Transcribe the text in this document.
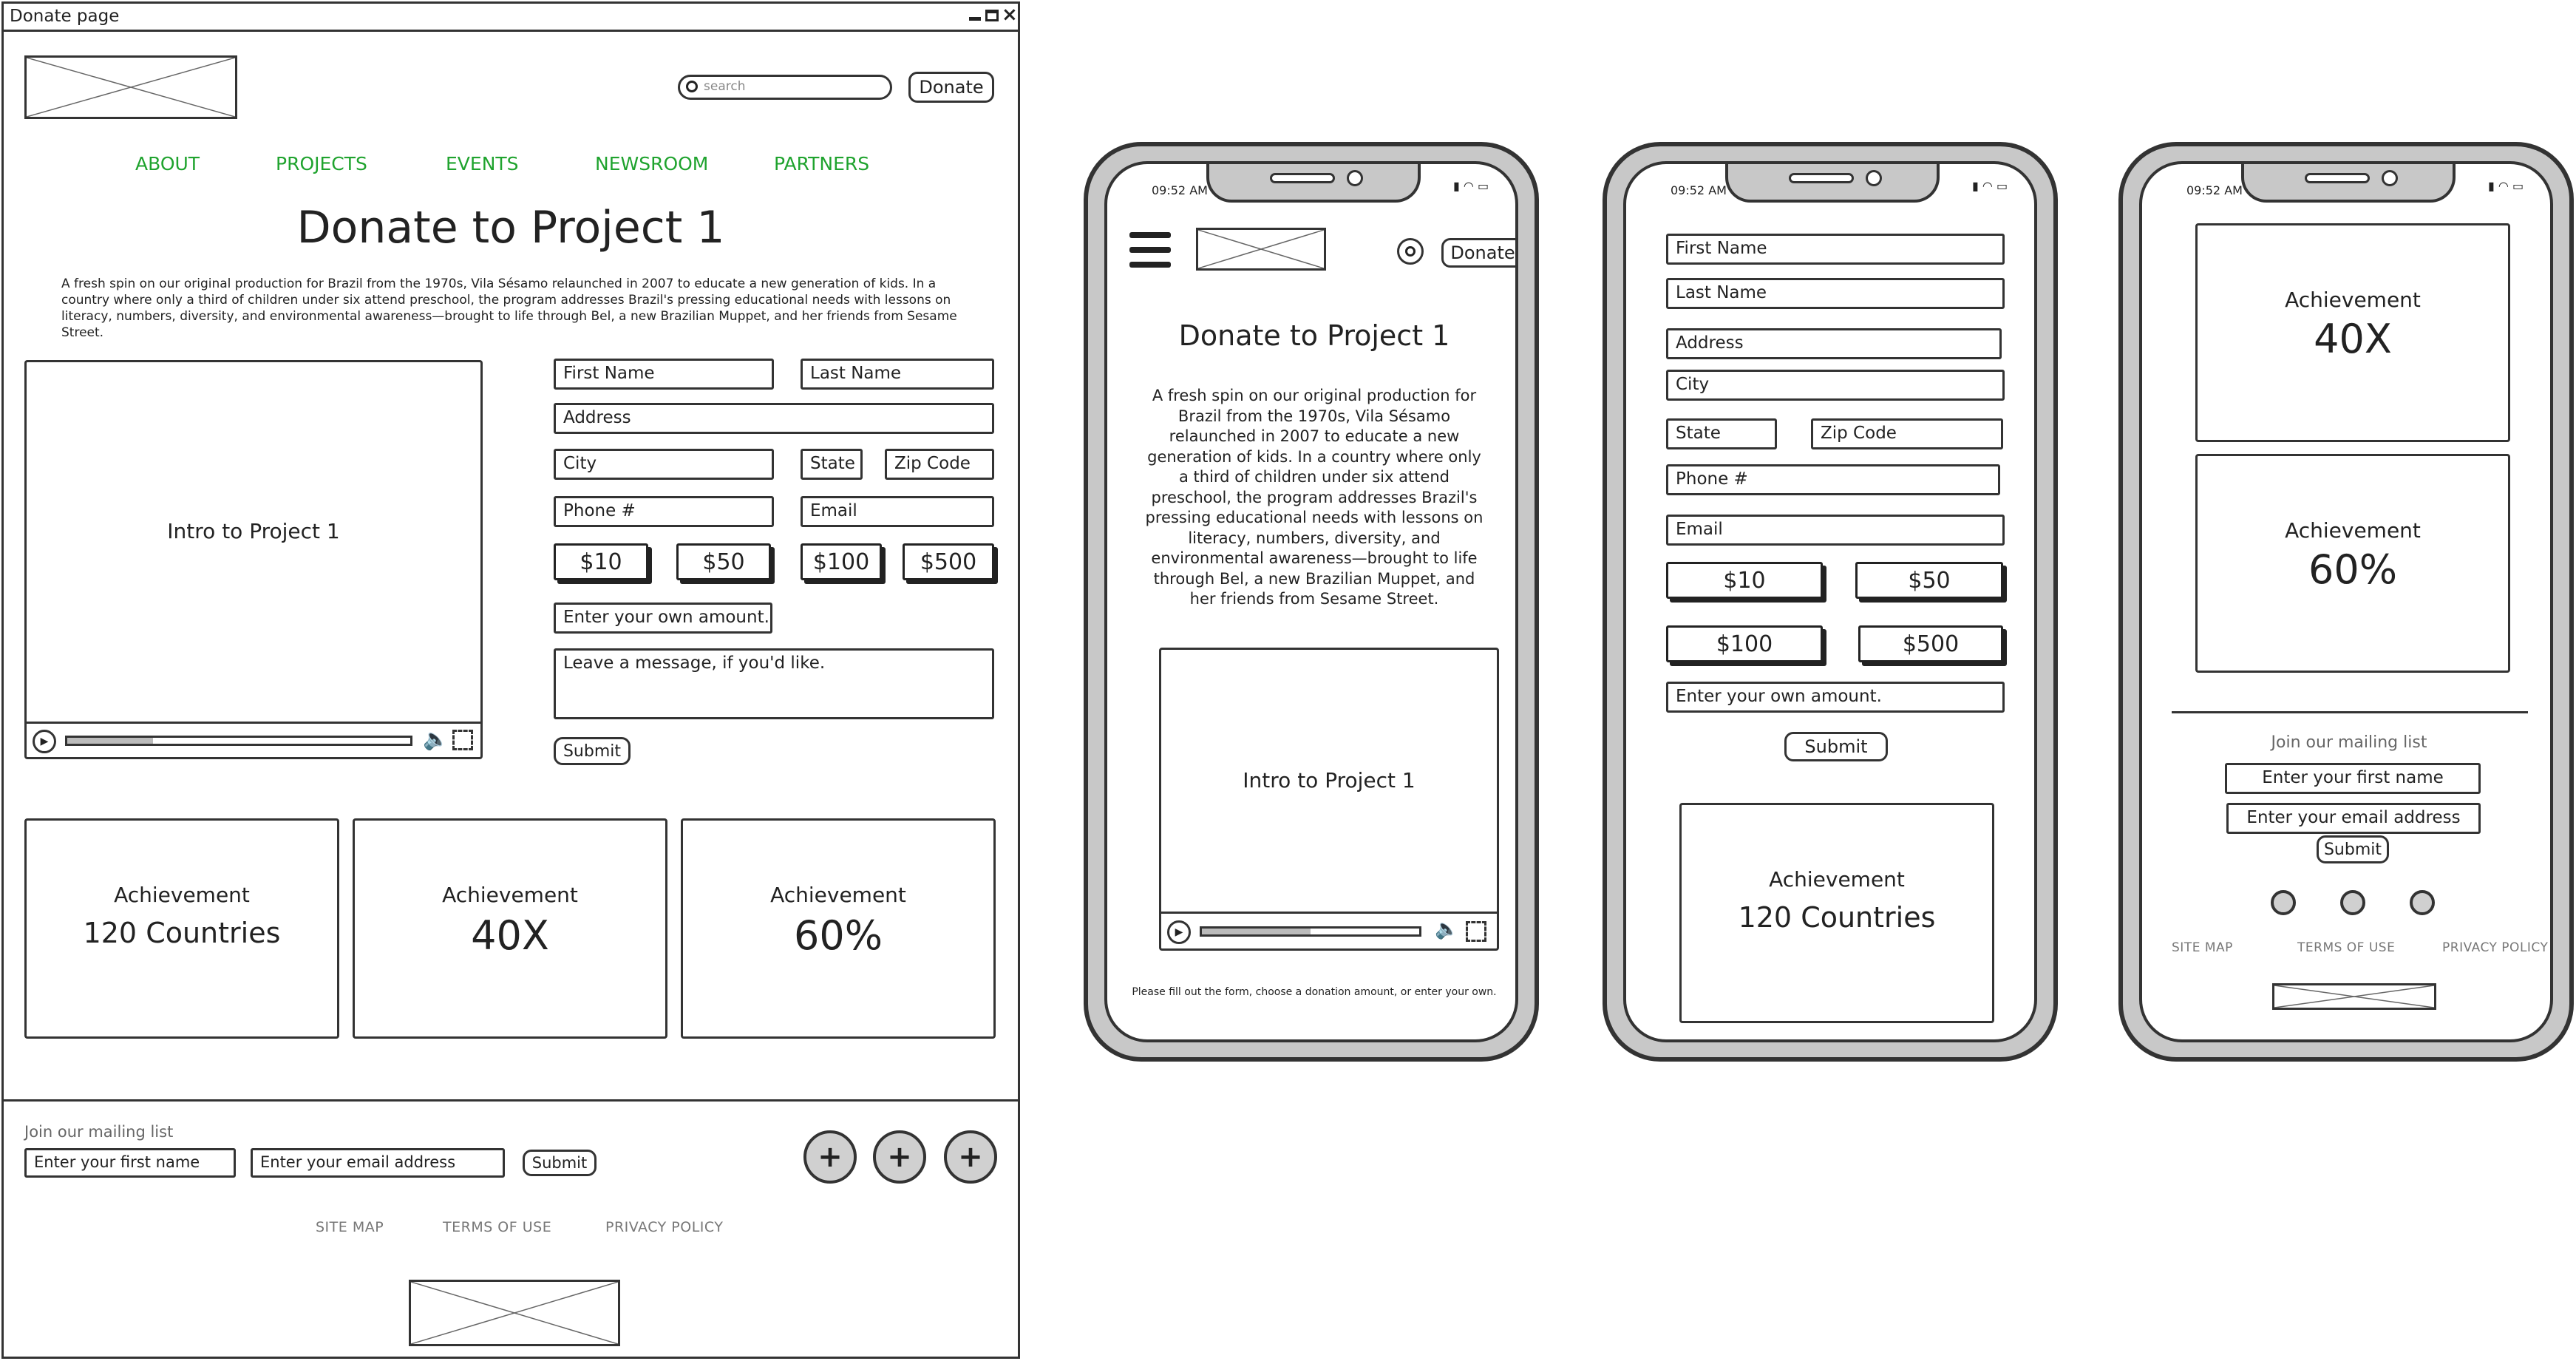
Donate page	×
search	Donate
ABOUT	PROJECTS	EVENTS	NEWSROOM	PARTNERS
Donate to Project 1
A fresh spin on our original production for Brazil from the 1970s, Vila Sésamo relaunched in 2007 to educate a new generation of kids. In a country where only a third of children under six attend preschool, the program addresses Brazil's pressing educational needs with lessons on literacy, numbers, diversity, and environmental awareness—brought to life through Bel, a new Brazilian Muppet, and her friends from Sesame Street.
Intro to Project 1
▶	🔈
First Name	Last Name
Address
City	State	Zip Code
Phone #	Email
$10	$50	$100	$500
Enter your own amount.
Leave a message, if you'd like.
Submit
Achievement
120 Countries
Achievement
40X
Achievement
60%
Join our mailing list
Enter your first name	Enter your email address	Submit	+	+	+
SITE MAP	TERMS OF USE	PRIVACY POLICY
09:52 AM	▮ ◠ ▭
Donate
Donate to Project 1
A fresh spin on our original production for Brazil from the 1970s, Vila Sésamo relaunched in 2007 to educate a new generation of kids. In a country where only a third of children under six attend preschool, the program addresses Brazil's pressing educational needs with lessons on literacy, numbers, diversity, and environmental awareness—brought to life through Bel, a new Brazilian Muppet, and her friends from Sesame Street.
Intro to Project 1
▶	🔈
Please fill out the form, choose a donation amount, or enter your own.
09:52 AM	▮ ◠ ▭
First Name
Last Name
Address
City
State	Zip Code
Phone #
Email
$10	$50
$100	$500
Enter your own amount.
Submit
Achievement
120 Countries
09:52 AM	▮ ◠ ▭
Achievement
40X
Achievement
60%
Join our mailing list
Enter your first name
Enter your email address
Submit
SITE MAP	TERMS OF USE	PRIVACY POLICY
